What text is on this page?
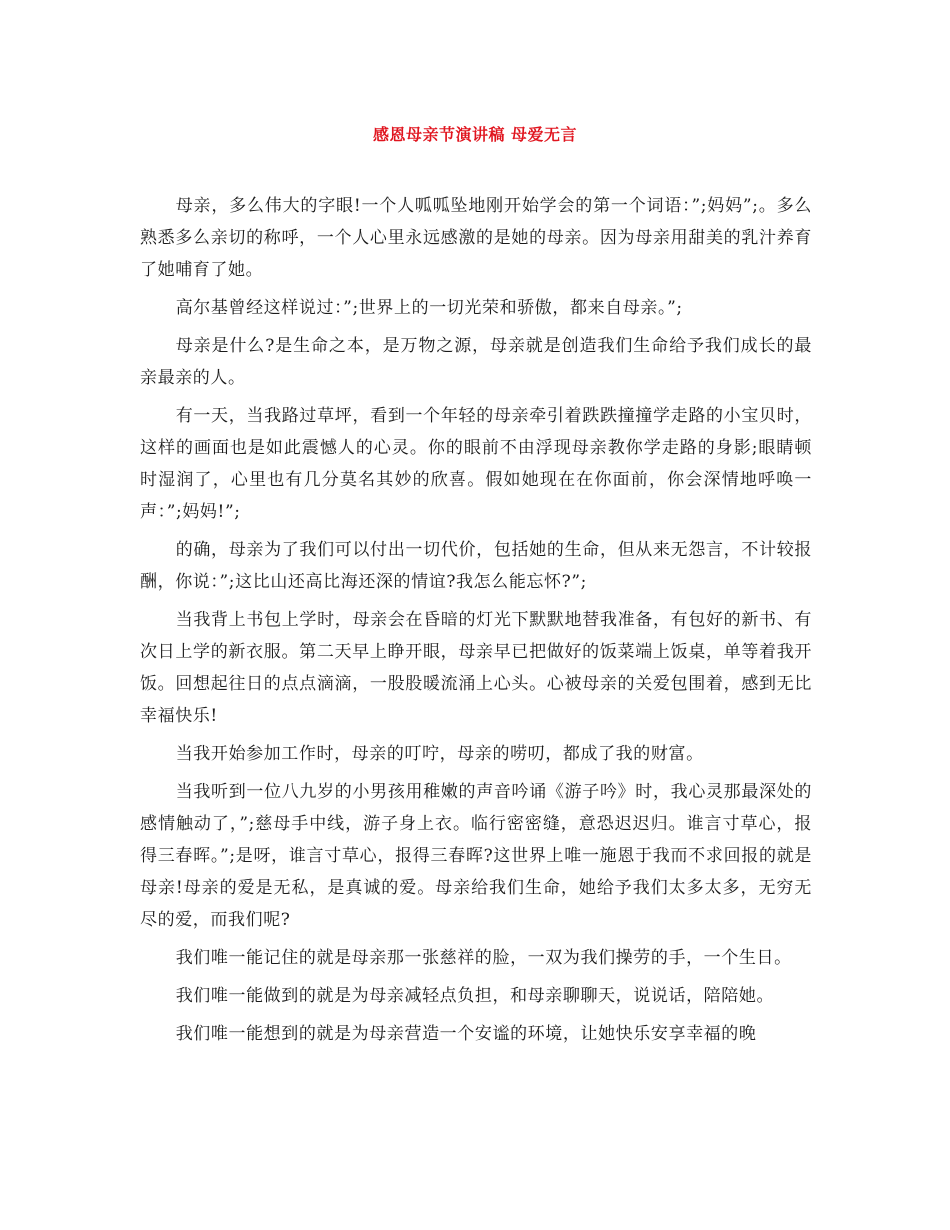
感恩母亲节演讲稿 母爱无言

母亲，多么伟大的字眼!一个人呱呱坠地刚开始学会的第一个词语：”;妈妈”;。多么熟悉多么亲切的称呼，一个人心里永远感激的是她的母亲。因为母亲用甜美的乳汁养育了她哺育了她。

高尔基曾经这样说过：”;世界上的一切光荣和骄傲，都来自母亲。”;

母亲是什么?是生命之本，是万物之源，母亲就是创造我们生命给予我们成长的最亲最亲的人。

有一天，当我路过草坪，看到一个年轻的母亲牵引着跌跌撞撞学走路的小宝贝时，这样的画面也是如此震憾人的心灵。你的眼前不由浮现母亲教你学走路的身影;眼睛顿时湿润了，心里也有几分莫名其妙的欣喜。假如她现在在你面前，你会深情地呼唤一声：”;妈妈!”;

的确，母亲为了我们可以付出一切代价，包括她的生命，但从来无怨言，不计较报酬，你说：”;这比山还高比海还深的情谊?我怎么能忘怀?”;

当我背上书包上学时，母亲会在昏暗的灯光下默默地替我准备，有包好的新书、有次日上学的新衣服。第二天早上睁开眼，母亲早已把做好的饭菜端上饭桌，单等着我开饭。回想起往日的点点滴滴，一股股暖流涌上心头。心被母亲的关爱包围着，感到无比幸福快乐!

当我开始参加工作时，母亲的叮咛，母亲的唠叨，都成了我的财富。

当我听到一位八九岁的小男孩用稚嫩的声音吟诵《游子吟》时，我心灵那最深处的感情触动了，”;慈母手中线，游子身上衣。临行密密缝，意恐迟迟归。谁言寸草心，报得三春晖。”;是呀，谁言寸草心，报得三春晖?这世界上唯一施恩于我而不求回报的就是母亲!母亲的爱是无私，是真诚的爱。母亲给我们生命，她给予我们太多太多，无穷无尽的爱，而我们呢?

我们唯一能记住的就是母亲那一张慈祥的脸，一双为我们操劳的手，一个生日。

我们唯一能做到的就是为母亲减轻点负担，和母亲聊聊天，说说话，陪陪她。

我们唯一能想到的就是为母亲营造一个安谧的环境，让她快乐安享幸福的晚
